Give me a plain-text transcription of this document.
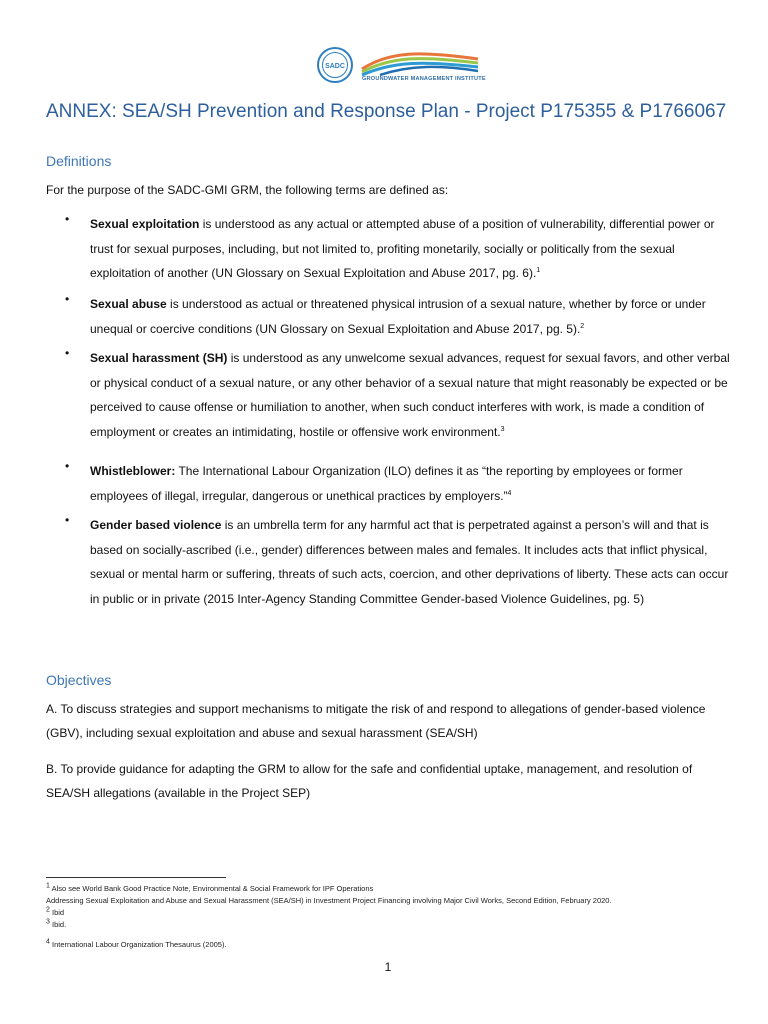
SADC
GROUNDWATER MANAGEMENT INSTITUTE
ANNEX: SEA/SH Prevention and Response Plan - Project P175355 & P1766067
Definitions
For the purpose of the SADC-GMI GRM, the following terms are defined as:
•	Sexual exploitation is understood as any actual or attempted abuse of a position of vulnerability, differential power or trust for sexual purposes, including, but not limited to, profiting monetarily, socially or politically from the sexual exploitation of another (UN Glossary on Sexual Exploitation and Abuse 2017, pg. 6).$^1$
•	Sexual abuse is understood as actual or threatened physical intrusion of a sexual nature, whether by force or under unequal or coercive conditions (UN Glossary on Sexual Exploitation and Abuse 2017, pg. 5).$^2$
•	Sexual harassment (SH) is understood as any unwelcome sexual advances, request for sexual favors, and other verbal or physical conduct of a sexual nature, or any other behavior of a sexual nature that might reasonably be expected or be perceived to cause offense or humiliation to another, when such conduct interferes with work, is made a condition of employment or creates an intimidating, hostile or offensive work environment.$^3$
•	Whistleblower: The International Labour Organization (ILO) defines it as “the reporting by employees or former employees of illegal, irregular, dangerous or unethical practices by employers.”$^4$
•	Gender based violence is an umbrella term for any harmful act that is perpetrated against a person’s will and that is based on socially-ascribed (i.e., gender) differences between males and females. It includes acts that inflict physical, sexual or mental harm or suffering, threats of such acts, coercion, and other deprivations of liberty. These acts can occur in public or in private (2015 Inter-Agency Standing Committee Gender-based Violence Guidelines, pg. 5)
Objectives
A. To discuss strategies and support mechanisms to mitigate the risk of and respond to allegations of gender-based violence (GBV), including sexual exploitation and abuse and sexual harassment (SEA/SH)
B. To provide guidance for adapting the GRM to allow for the safe and confidential uptake, management, and resolution of SEA/SH allegations (available in the Project SEP)
$^1$ Also see World Bank Good Practice Note, Environmental & Social Framework for IPF Operations
Addressing Sexual Exploitation and Abuse and Sexual Harassment (SEA/SH) in Investment Project Financing involving Major Civil Works, Second Edition, February 2020.
$^2$ Ibid
$^3$ Ibid.
$^4$ International Labour Organization Thesaurus (2005).
1
